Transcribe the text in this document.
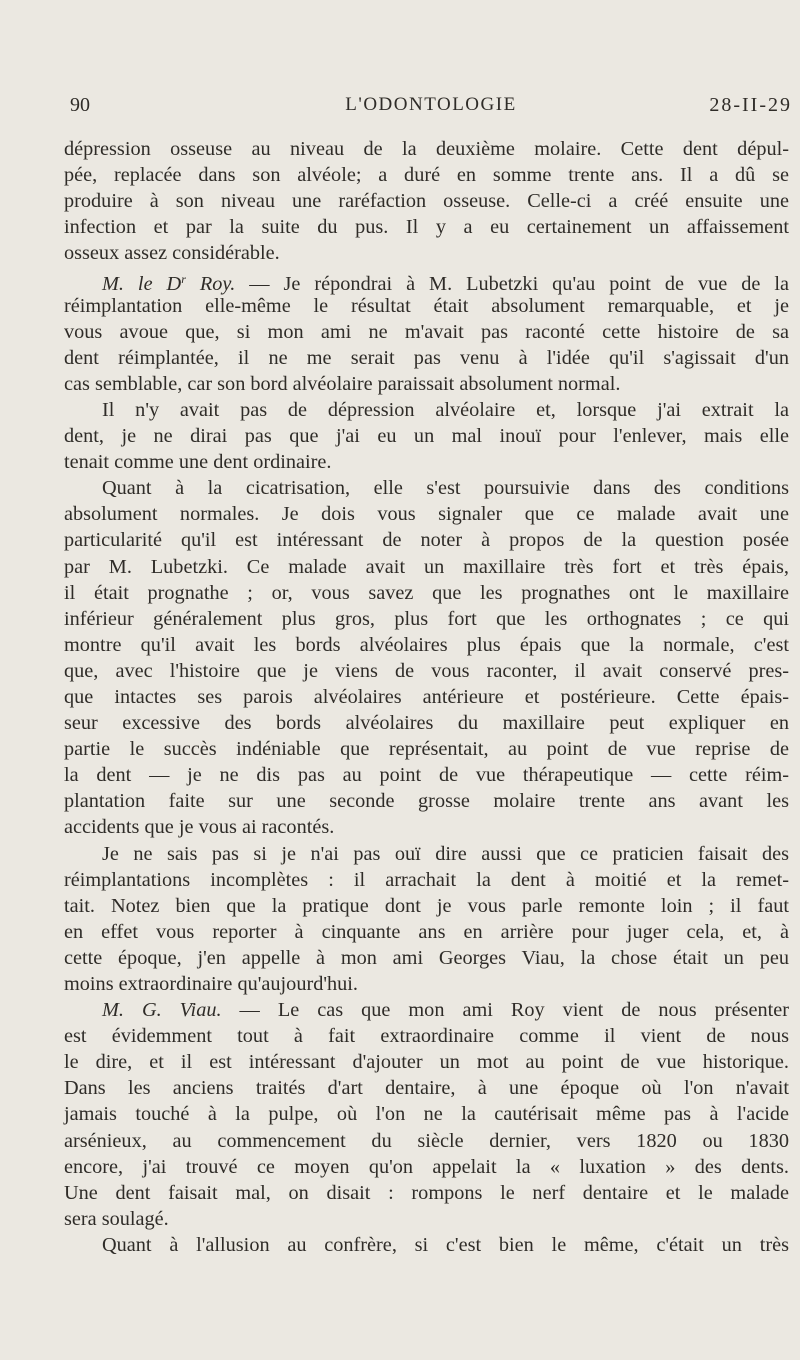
90	L'ODONTOLOGIE	28-II-29
dépression osseuse au niveau de la deuxième molaire. Cette dent dépul-
pée, replacée dans son alvéole; a duré en somme trente ans. Il a dû se
produire à son niveau une raréfaction osseuse. Celle-ci a créé ensuite une
infection et par la suite du pus. Il y a eu certainement un affaissement
osseux assez considérable.
M. le $D^r$ Roy. — Je répondrai à M. Lubetzki qu'au point de vue de la
réimplantation elle-même le résultat était absolument remarquable, et je
vous avoue que, si mon ami ne m'avait pas raconté cette histoire de sa
dent réimplantée, il ne me serait pas venu à l'idée qu'il s'agissait d'un
cas semblable, car son bord alvéolaire paraissait absolument normal.
Il n'y avait pas de dépression alvéolaire et, lorsque j'ai extrait la
dent, je ne dirai pas que j'ai eu un mal inouï pour l'enlever, mais elle
tenait comme une dent ordinaire.
Quant à la cicatrisation, elle s'est poursuivie dans des conditions
absolument normales. Je dois vous signaler que ce malade avait une
particularité qu'il est intéressant de noter à propos de la question posée
par M. Lubetzki. Ce malade avait un maxillaire très fort et très épais,
il était prognathe ; or, vous savez que les prognathes ont le maxillaire
inférieur généralement plus gros, plus fort que les orthognates ; ce qui
montre qu'il avait les bords alvéolaires plus épais que la normale, c'est
que, avec l'histoire que je viens de vous raconter, il avait conservé pres-
que intactes ses parois alvéolaires antérieure et postérieure. Cette épais-
seur excessive des bords alvéolaires du maxillaire peut expliquer en
partie le succès indéniable que représentait, au point de vue reprise de
la dent — je ne dis pas au point de vue thérapeutique — cette réim-
plantation faite sur une seconde grosse molaire trente ans avant les
accidents que je vous ai racontés.
Je ne sais pas si je n'ai pas ouï dire aussi que ce praticien faisait des
réimplantations incomplètes : il arrachait la dent à moitié et la remet-
tait. Notez bien que la pratique dont je vous parle remonte loin ; il faut
en effet vous reporter à cinquante ans en arrière pour juger cela, et, à
cette époque, j'en appelle à mon ami Georges Viau, la chose était un peu
moins extraordinaire qu'aujourd'hui.
M. G. Viau. — Le cas que mon ami Roy vient de nous présenter
est évidemment tout à fait extraordinaire comme il vient de nous
le dire, et il est intéressant d'ajouter un mot au point de vue historique.
Dans les anciens traités d'art dentaire, à une époque où l'on n'avait
jamais touché à la pulpe, où l'on ne la cautérisait même pas à l'acide
arsénieux, au commencement du siècle dernier, vers 1820 ou 1830
encore, j'ai trouvé ce moyen qu'on appelait la « luxation » des dents.
Une dent faisait mal, on disait : rompons le nerf dentaire et le malade
sera soulagé.
Quant à l'allusion au confrère, si c'est bien le même, c'était un très
